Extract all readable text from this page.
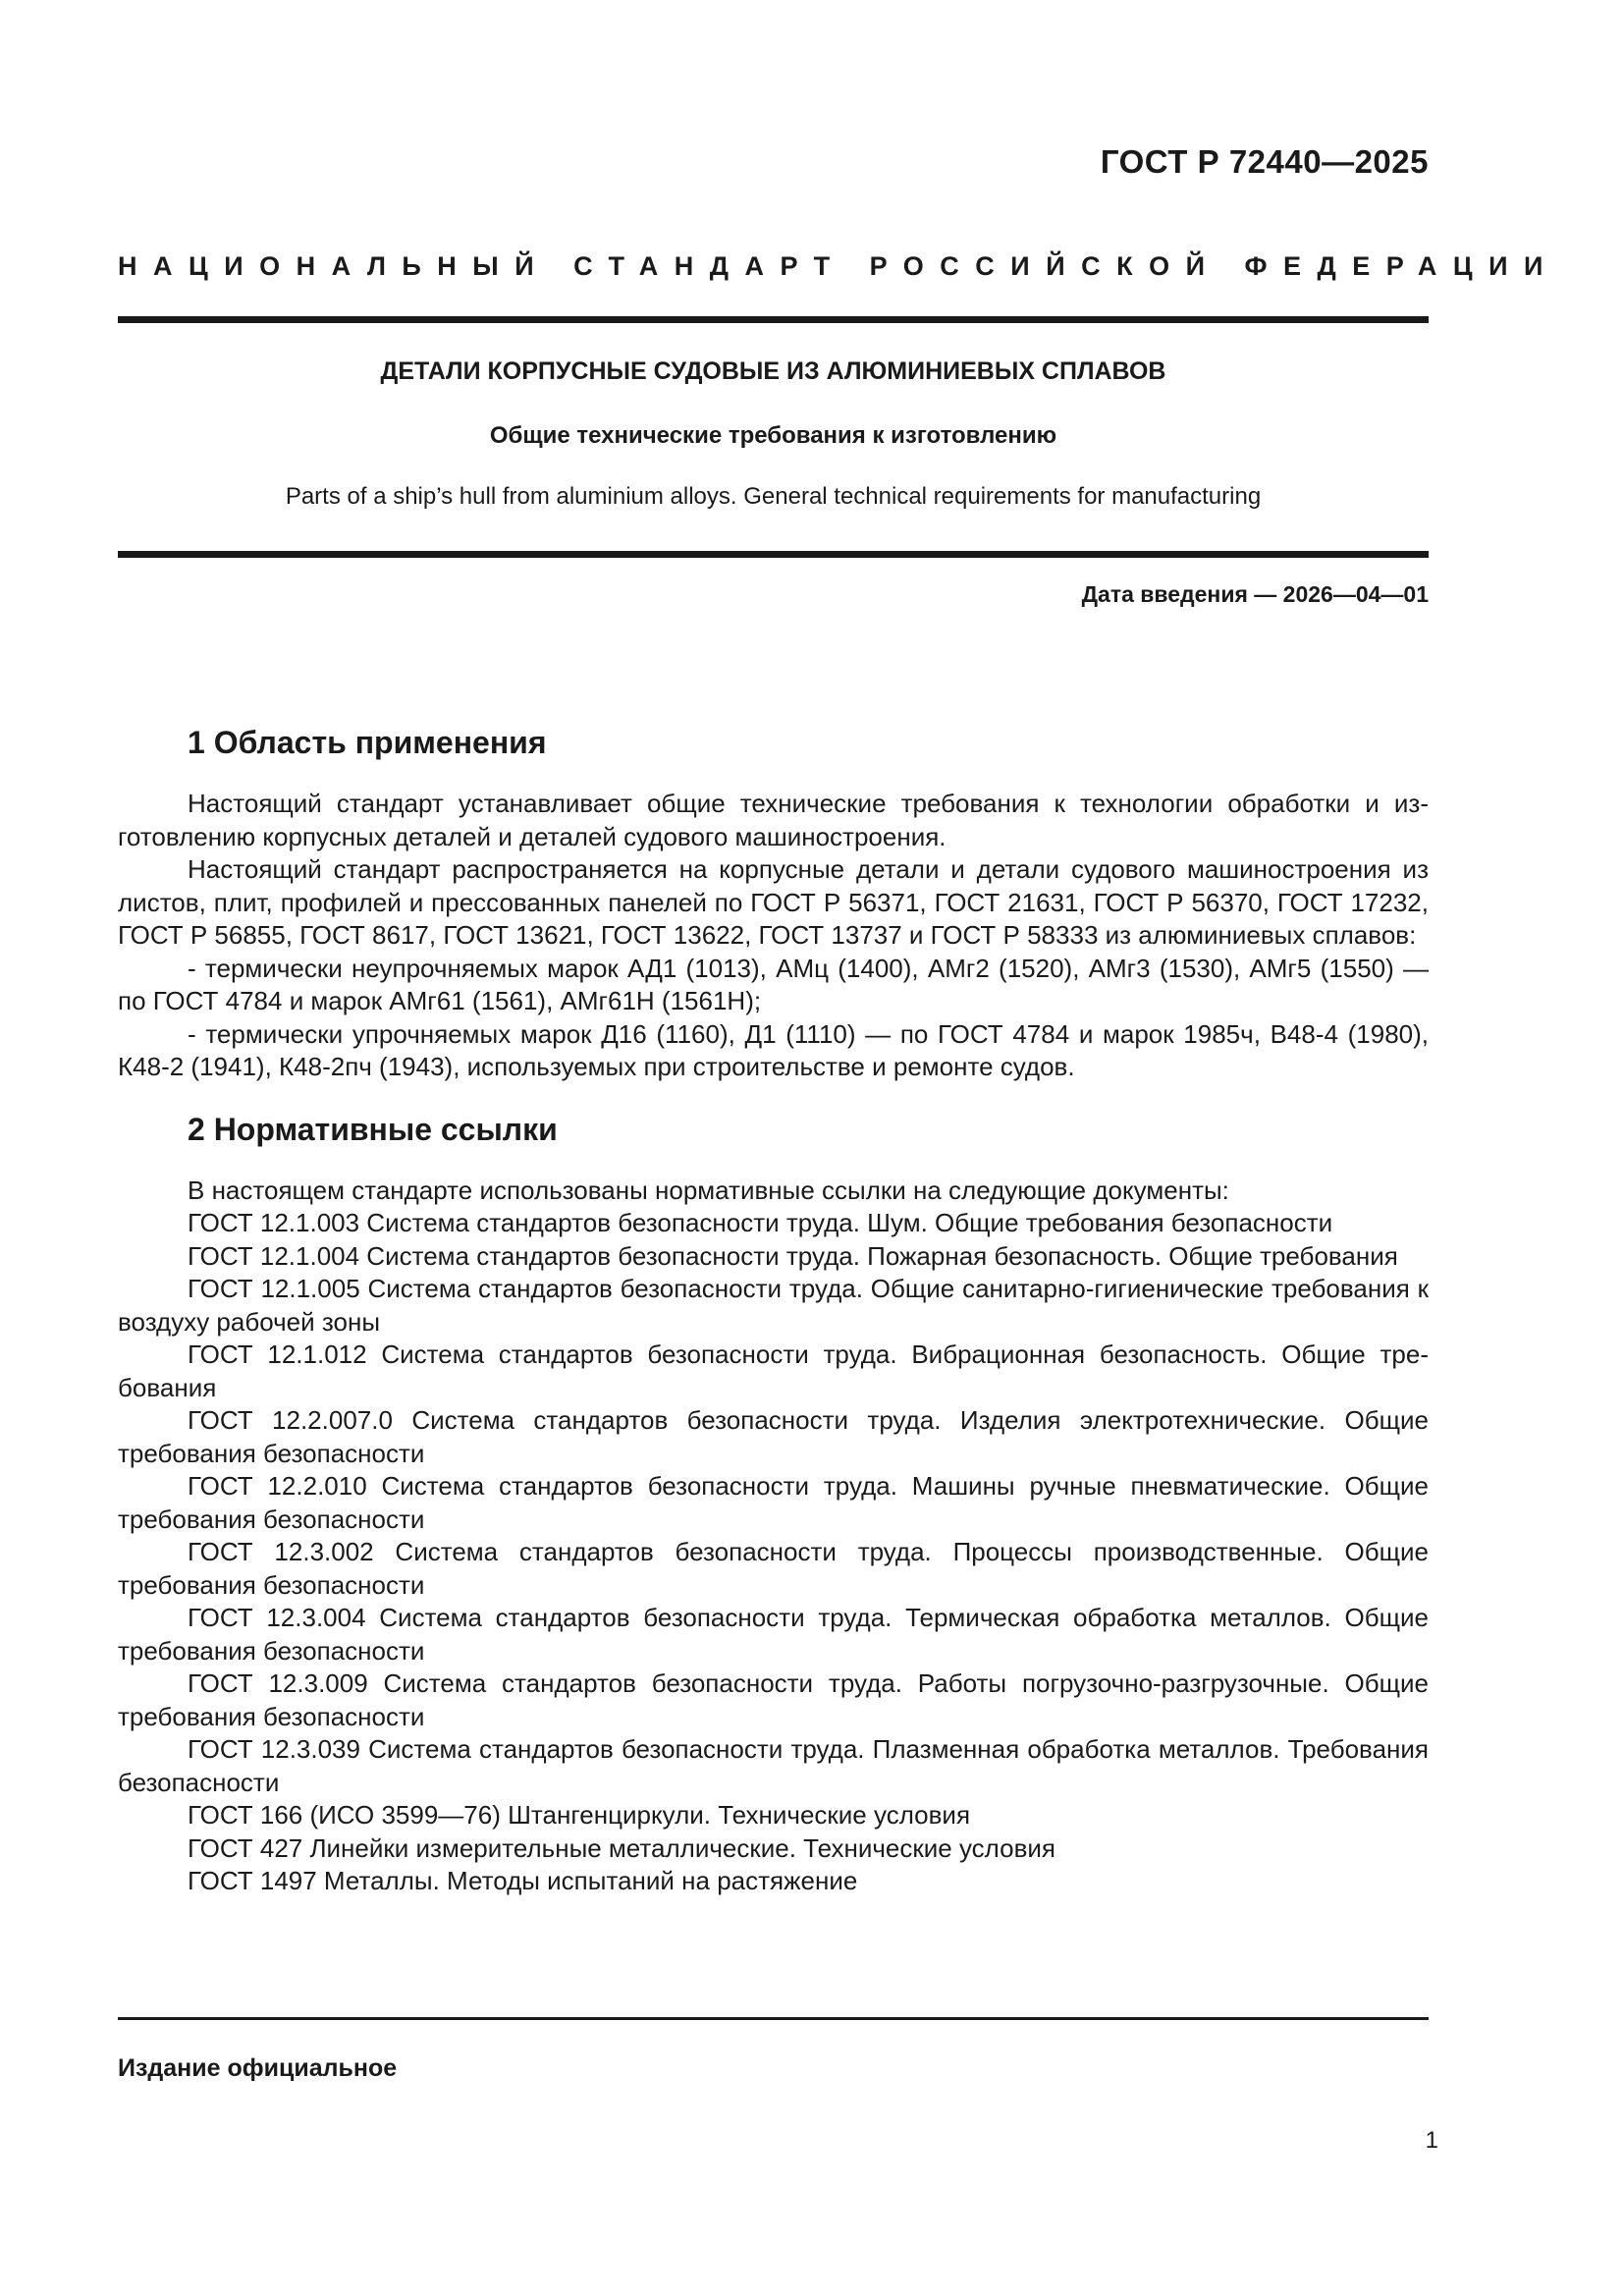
ГОСТ Р 72440—2025
НАЦИОНАЛЬНЫЙ СТАНДАРТ РОССИЙСКОЙ ФЕДЕРАЦИИ
ДЕТАЛИ КОРПУСНЫЕ СУДОВЫЕ ИЗ АЛЮМИНИЕВЫХ СПЛАВОВ
Общие технические требования к изготовлению
Parts of a ship’s hull from aluminium alloys. General technical requirements for manufacturing
Дата введения — 2026—04—01
1 Область применения

Настоящий стандарт устанавливает общие технические требования к технологии обработки и изготовлению корпусных деталей и деталей судового машиностроения.

Настоящий стандарт распространяется на корпусные детали и детали судового машиностроения из листов, плит, профилей и прессованных панелей по ГОСТ Р 56371, ГОСТ 21631, ГОСТ Р 56370, ГОСТ 17232, ГОСТ Р 56855, ГОСТ 8617, ГОСТ 13621, ГОСТ 13622, ГОСТ 13737 и ГОСТ Р 58333 из алюминиевых сплавов:

- термически неупрочняемых марок АД1 (1013), АМц (1400), АМг2 (1520), АМг3 (1530), АМг5 (1550) — по ГОСТ 4784 и марок АМг61 (1561), АМг61Н (1561Н);

- термически упрочняемых марок Д16 (1160), Д1 (1110) — по ГОСТ 4784 и марок 1985ч, В48-4 (1980), К48-2 (1941), К48-2пч (1943), используемых при строительстве и ремонте судов.

2 Нормативные ссылки

В настоящем стандарте использованы нормативные ссылки на следующие документы:

ГОСТ 12.1.003 Система стандартов безопасности труда. Шум. Общие требования безопасности

ГОСТ 12.1.004 Система стандартов безопасности труда. Пожарная безопасность. Общие требования

ГОСТ 12.1.005 Система стандартов безопасности труда. Общие санитарно-гигиенические требования к воздуху рабочей зоны

ГОСТ 12.1.012 Система стандартов безопасности труда. Вибрационная безопасность. Общие требования

ГОСТ 12.2.007.0 Система стандартов безопасности труда. Изделия электротехнические. Общие требования безопасности

ГОСТ 12.2.010 Система стандартов безопасности труда. Машины ручные пневматические. Общие требования безопасности

ГОСТ 12.3.002 Система стандартов безопасности труда. Процессы производственные. Общие требования безопасности

ГОСТ 12.3.004 Система стандартов безопасности труда. Термическая обработка металлов. Общие требования безопасности

ГОСТ 12.3.009 Система стандартов безопасности труда. Работы погрузочно-разгрузочные. Общие требования безопасности

ГОСТ 12.3.039 Система стандартов безопасности труда. Плазменная обработка металлов. Требования безопасности

ГОСТ 166 (ИСО 3599—76) Штангенциркули. Технические условия

ГОСТ 427 Линейки измерительные металлические. Технические условия

ГОСТ 1497 Металлы. Методы испытаний на растяжение

Издание официальное
1
